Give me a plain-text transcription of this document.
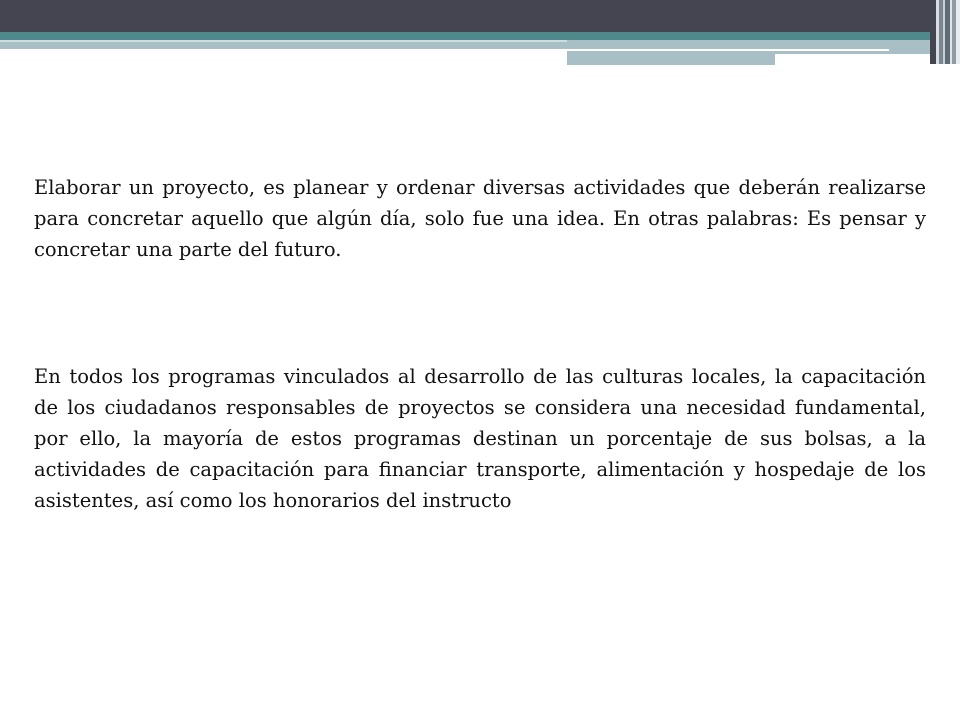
Elaborar un proyecto, es planear y ordenar diversas actividades que deberán realizarse para concretar aquello que algún día, solo fue una idea. En otras palabras: Es pensar y concretar una parte del futuro.

En todos los programas vinculados al desarrollo de las culturas locales, la capacitación de los ciudadanos responsables de proyectos se considera una necesidad fundamental, por ello, la mayoría de estos programas destinan un porcentaje de sus bolsas, a la actividades de capacitación para financiar transporte, alimentación y hospedaje de los asistentes, así como los honorarios del instructo
